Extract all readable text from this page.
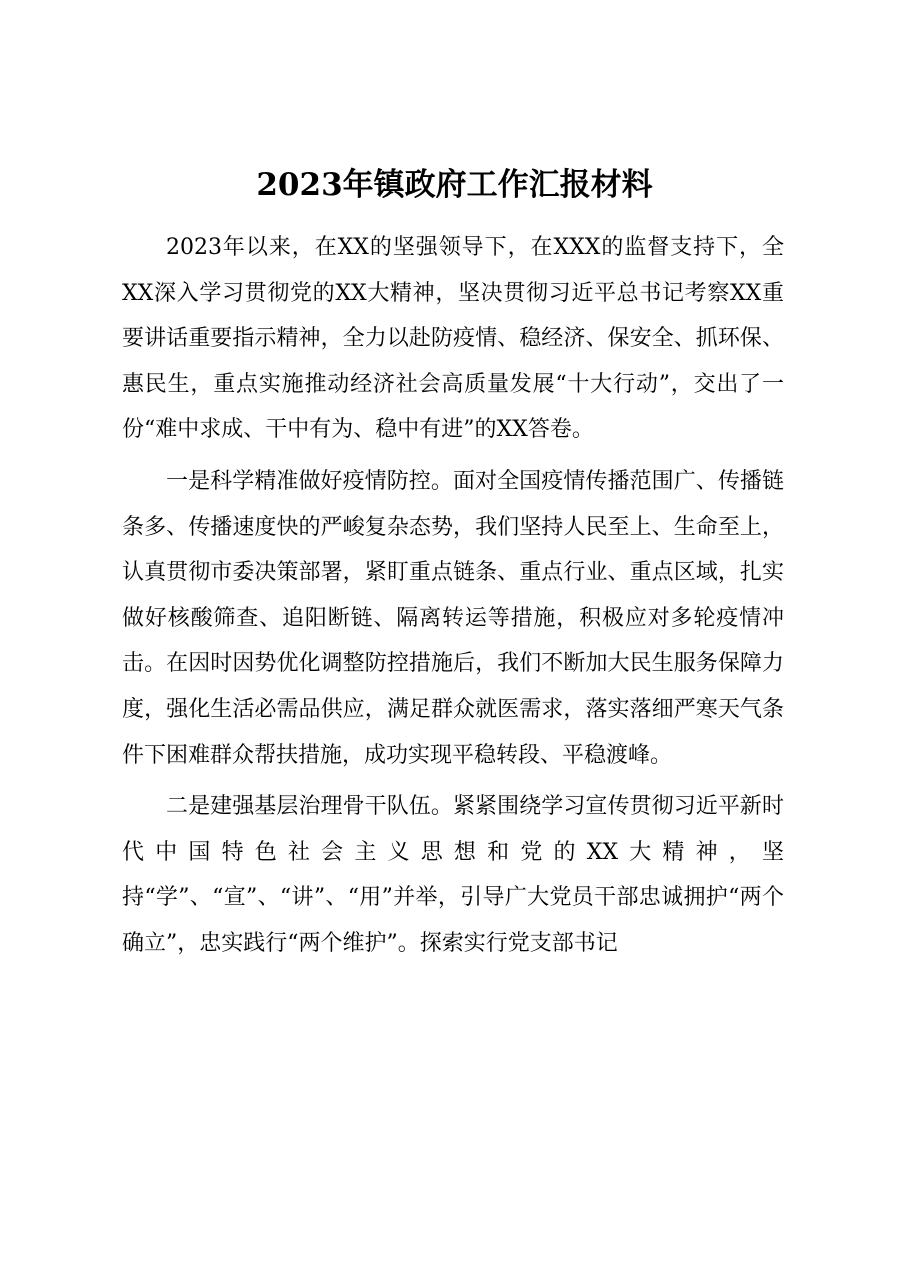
2023年镇政府工作汇报材料

2023年以来，在XX的坚强领导下，在XXX的监督支持下，全XX深入学习贯彻党的XX大精神，坚决贯彻习近平总书记考察XX重要讲话重要指示精神，全力以赴防疫情、稳经济、保安全、抓环保、惠民生，重点实施推动经济社会高质量发展“十大行动”，交出了一份“难中求成、干中有为、稳中有进”的XX答卷。

一是科学精准做好疫情防控。面对全国疫情传播范围广、传播链条多、传播速度快的严峻复杂态势，我们坚持人民至上、生命至上，认真贯彻市委决策部署，紧盯重点链条、重点行业、重点区域，扎实做好核酸筛查、追阳断链、隔离转运等措施，积极应对多轮疫情冲击。在因时因势优化调整防控措施后，我们不断加大民生服务保障力度，强化生活必需品供应，满足群众就医需求，落实落细严寒天气条件下困难群众帮扶措施，成功实现平稳转段、平稳渡峰。

二是建强基层治理骨干队伍。紧紧围绕学习宣传贯彻习近平新时代中国特色社会主义思想和党的XX大精神，坚持“学”、“宣”、“讲”、“用”并举，引导广大党员干部忠诚拥护“两个确立”，忠实践行“两个维护”。探索实行党支部书记
